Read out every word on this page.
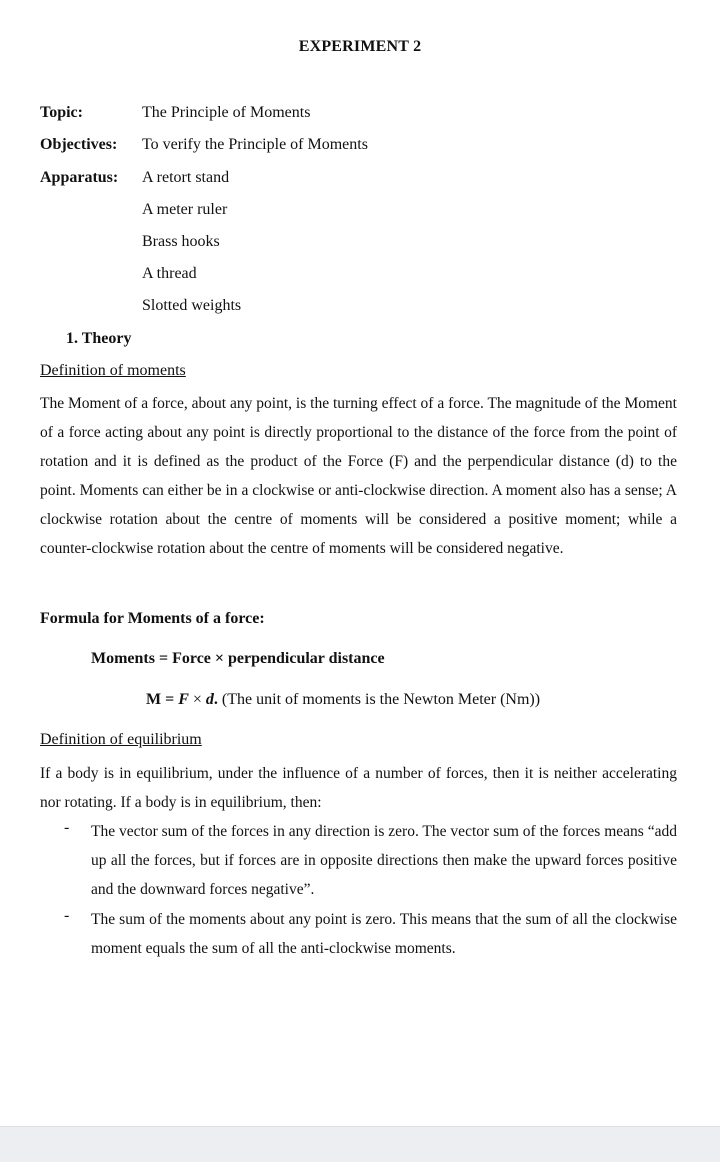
EXPERIMENT 2
Topic:	The Principle of Moments
Objectives: To verify the Principle of Moments
Apparatus: A retort stand
A meter ruler
Brass hooks
A thread
Slotted weights
1. Theory
Definition of moments
The Moment of a force, about any point, is the turning effect of a force. The magnitude of the Moment of a force acting about any point is directly proportional to the distance of the force from the point of rotation and it is defined as the product of the Force (F) and the perpendicular distance (d) to the point. Moments can either be in a clockwise or anti-clockwise direction. A moment also has a sense; A clockwise rotation about the centre of moments will be considered a positive moment; while a counter-clockwise rotation about the centre of moments will be considered negative.
Formula for Moments of a force:
Moments = Force × perpendicular distance
M = F × d. (The unit of moments is the Newton Meter (Nm))
Definition of equilibrium
If a body is in equilibrium, under the influence of a number of forces, then it is neither accelerating nor rotating. If a body is in equilibrium, then:
- The vector sum of the forces in any direction is zero. The vector sum of the forces means “add up all the forces, but if forces are in opposite directions then make the upward forces positive and the downward forces negative”.
- The sum of the moments about any point is zero. This means that the sum of all the clockwise moment equals the sum of all the anti-clockwise moments.
